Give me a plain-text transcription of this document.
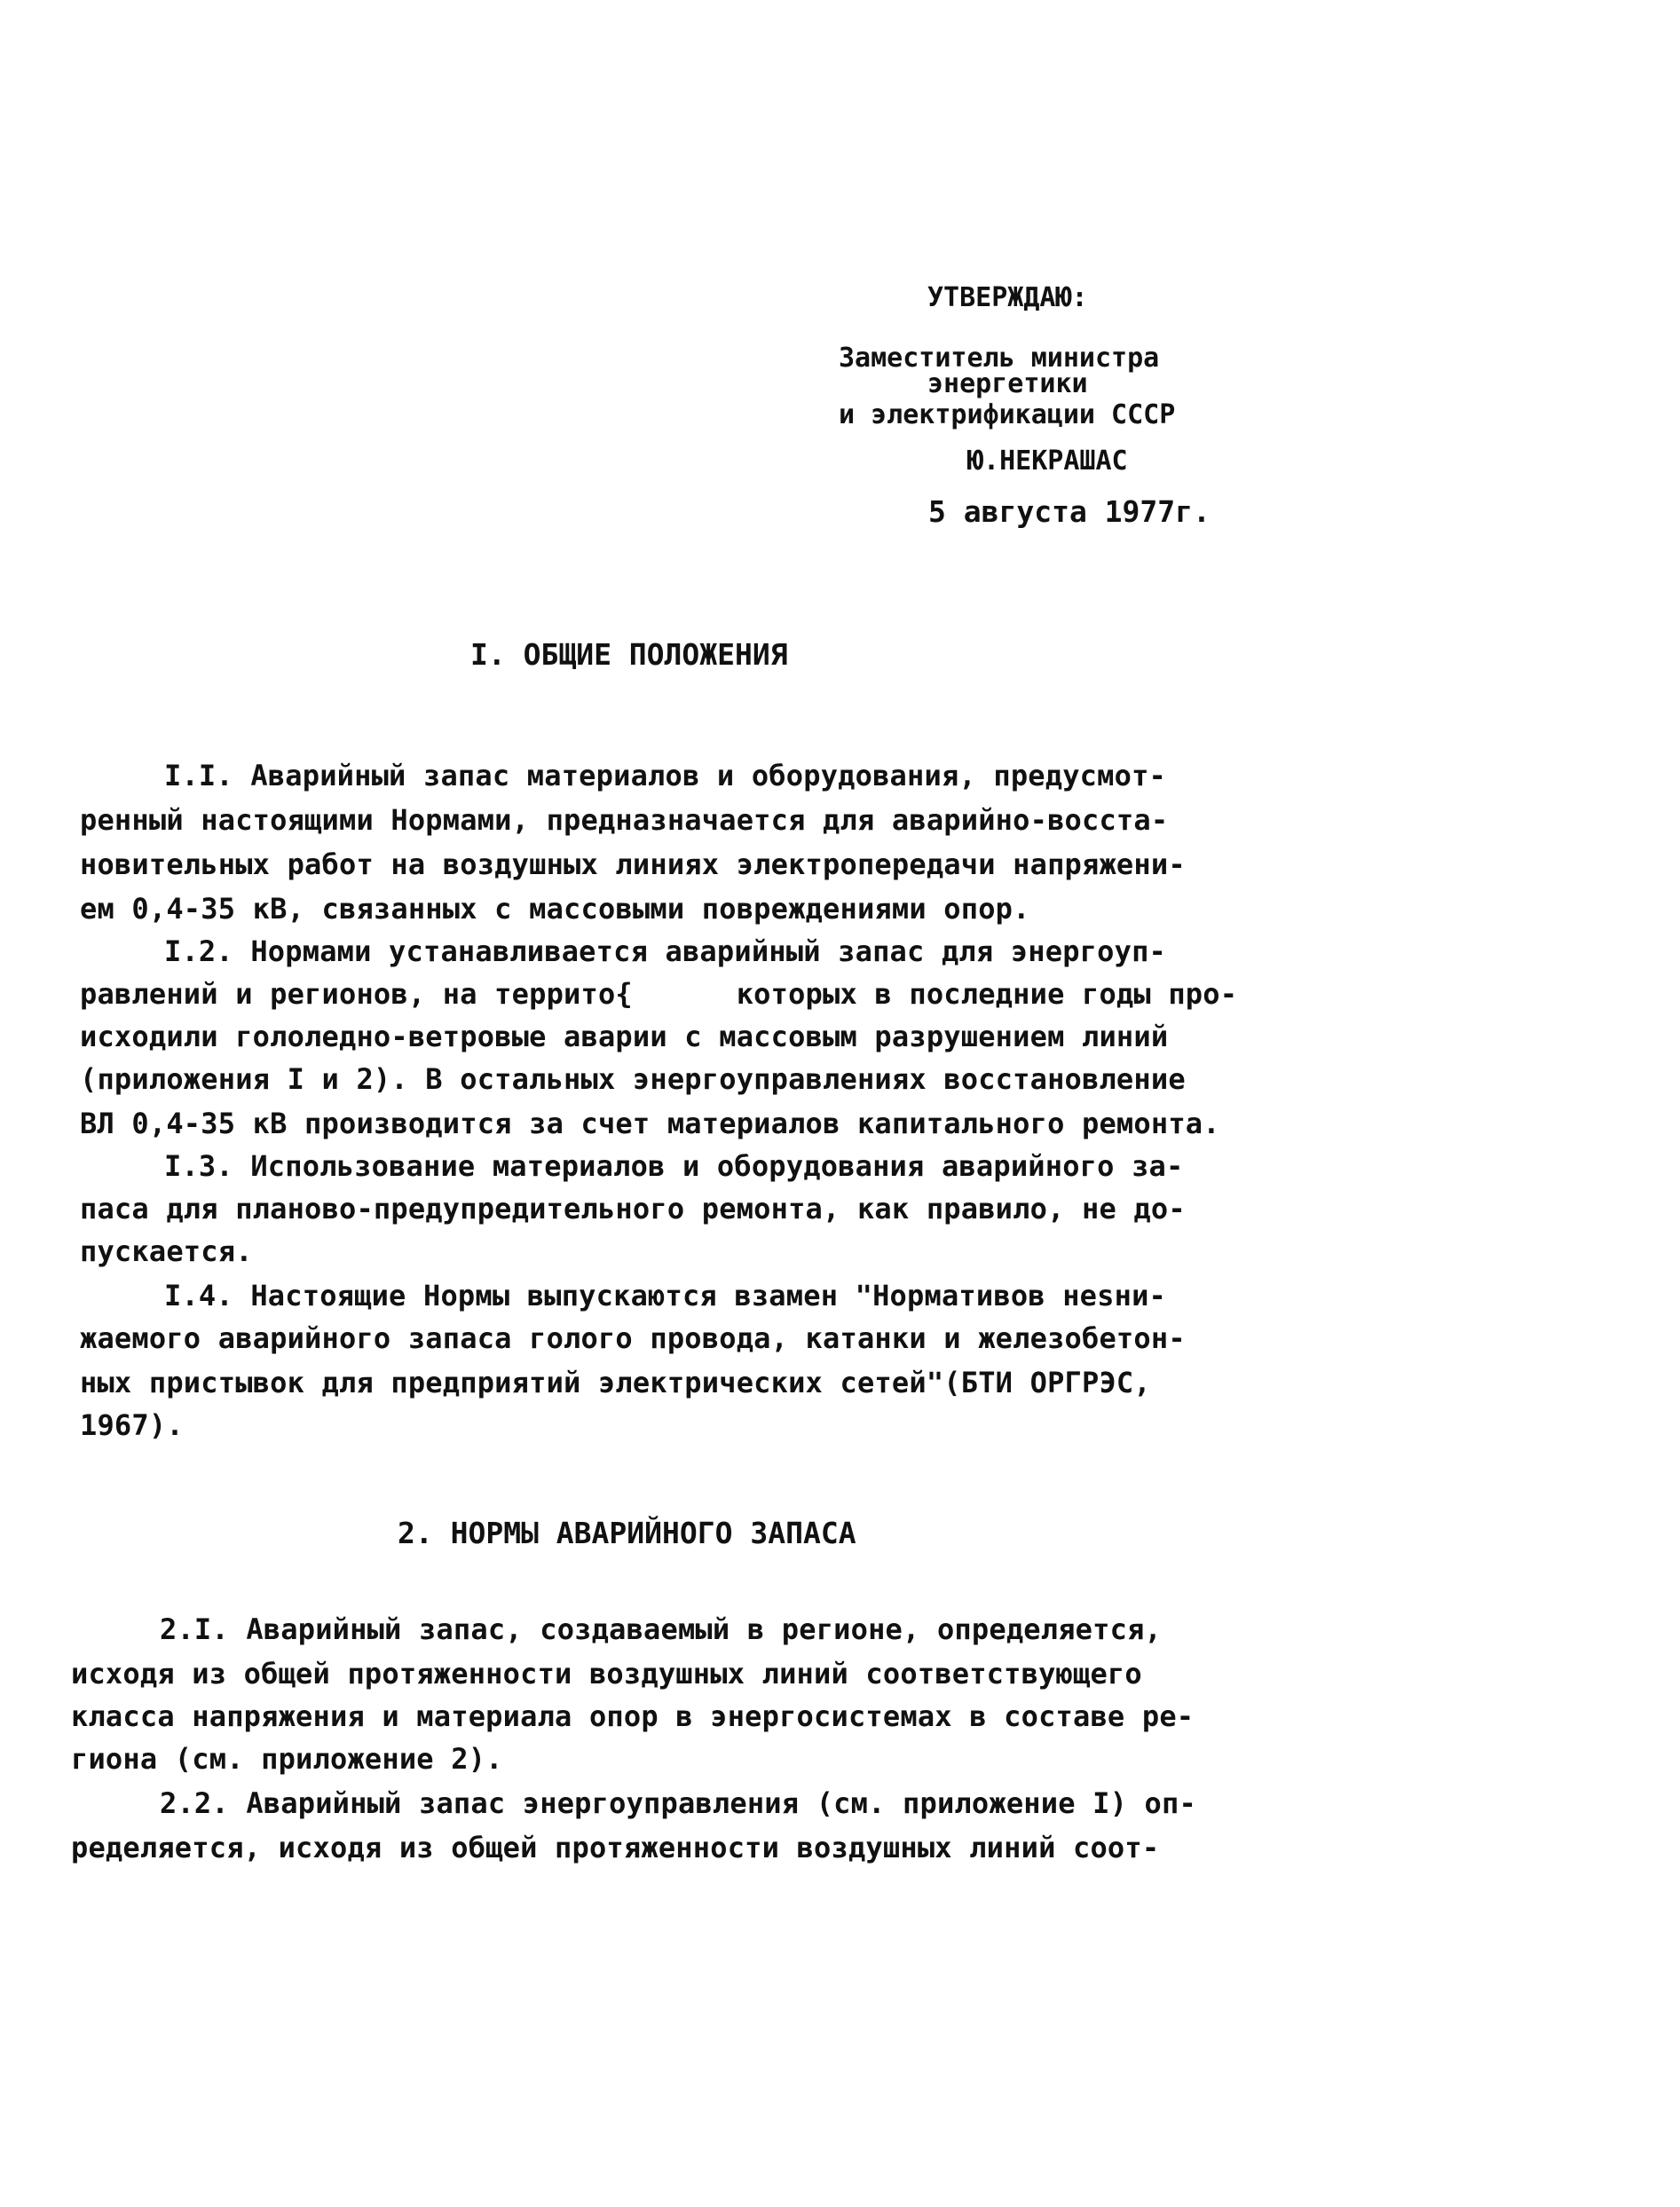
УТВЕРЖДАЮ:
Заместитель министра
энергетики
и электрификации СССР
Ю.НЕКРАШАС
5 августа 1977г.
I. ОБЩИЕ ПОЛОЖЕНИЯ
I.I. Аварийный запас материалов и оборудования, предусмот-
ренный настоящими Нормами, предназначается для аварийно-восста-
новительных работ на воздушных линиях электропередачи напряжени-
ем 0,4-35 кВ, связанных с массовыми повреждениями опор.
I.2. Нормами устанавливается аварийный запас для энергоуп-
равлений и регионов, на террито{      которых в последние годы про-
исходили гололедно-ветровые аварии с массовым разрушением линий
(приложения I и 2). В остальных энергоуправлениях восстановление
ВЛ 0,4-35 кВ производится за счет материалов капитального ремонта.
I.3. Использование материалов и оборудования аварийного за-
паса для планово-предупредительного ремонта, как правило, не до-
пускается.
I.4. Настоящие Нормы выпускаются взамен "Нормативов неsни-
жаемого аварийного запаса голого провода, катанки и железобетон-
ных пристывок для предприятий электрических сетей"(БТИ ОРГРЭС,
1967).
2. НОРМЫ АВАРИЙНОГО ЗАПАСА
2.I. Аварийный запас, создаваемый в регионе, определяется,
исходя из общей протяженности воздушных линий соответствующего
класса напряжения и материала опор в энергосистемах в составе ре-
гиона (см. приложение 2).
2.2. Аварийный запас энергоуправления (см. приложение I) оп-
ределяется, исходя из общей протяженности воздушных линий соот-
